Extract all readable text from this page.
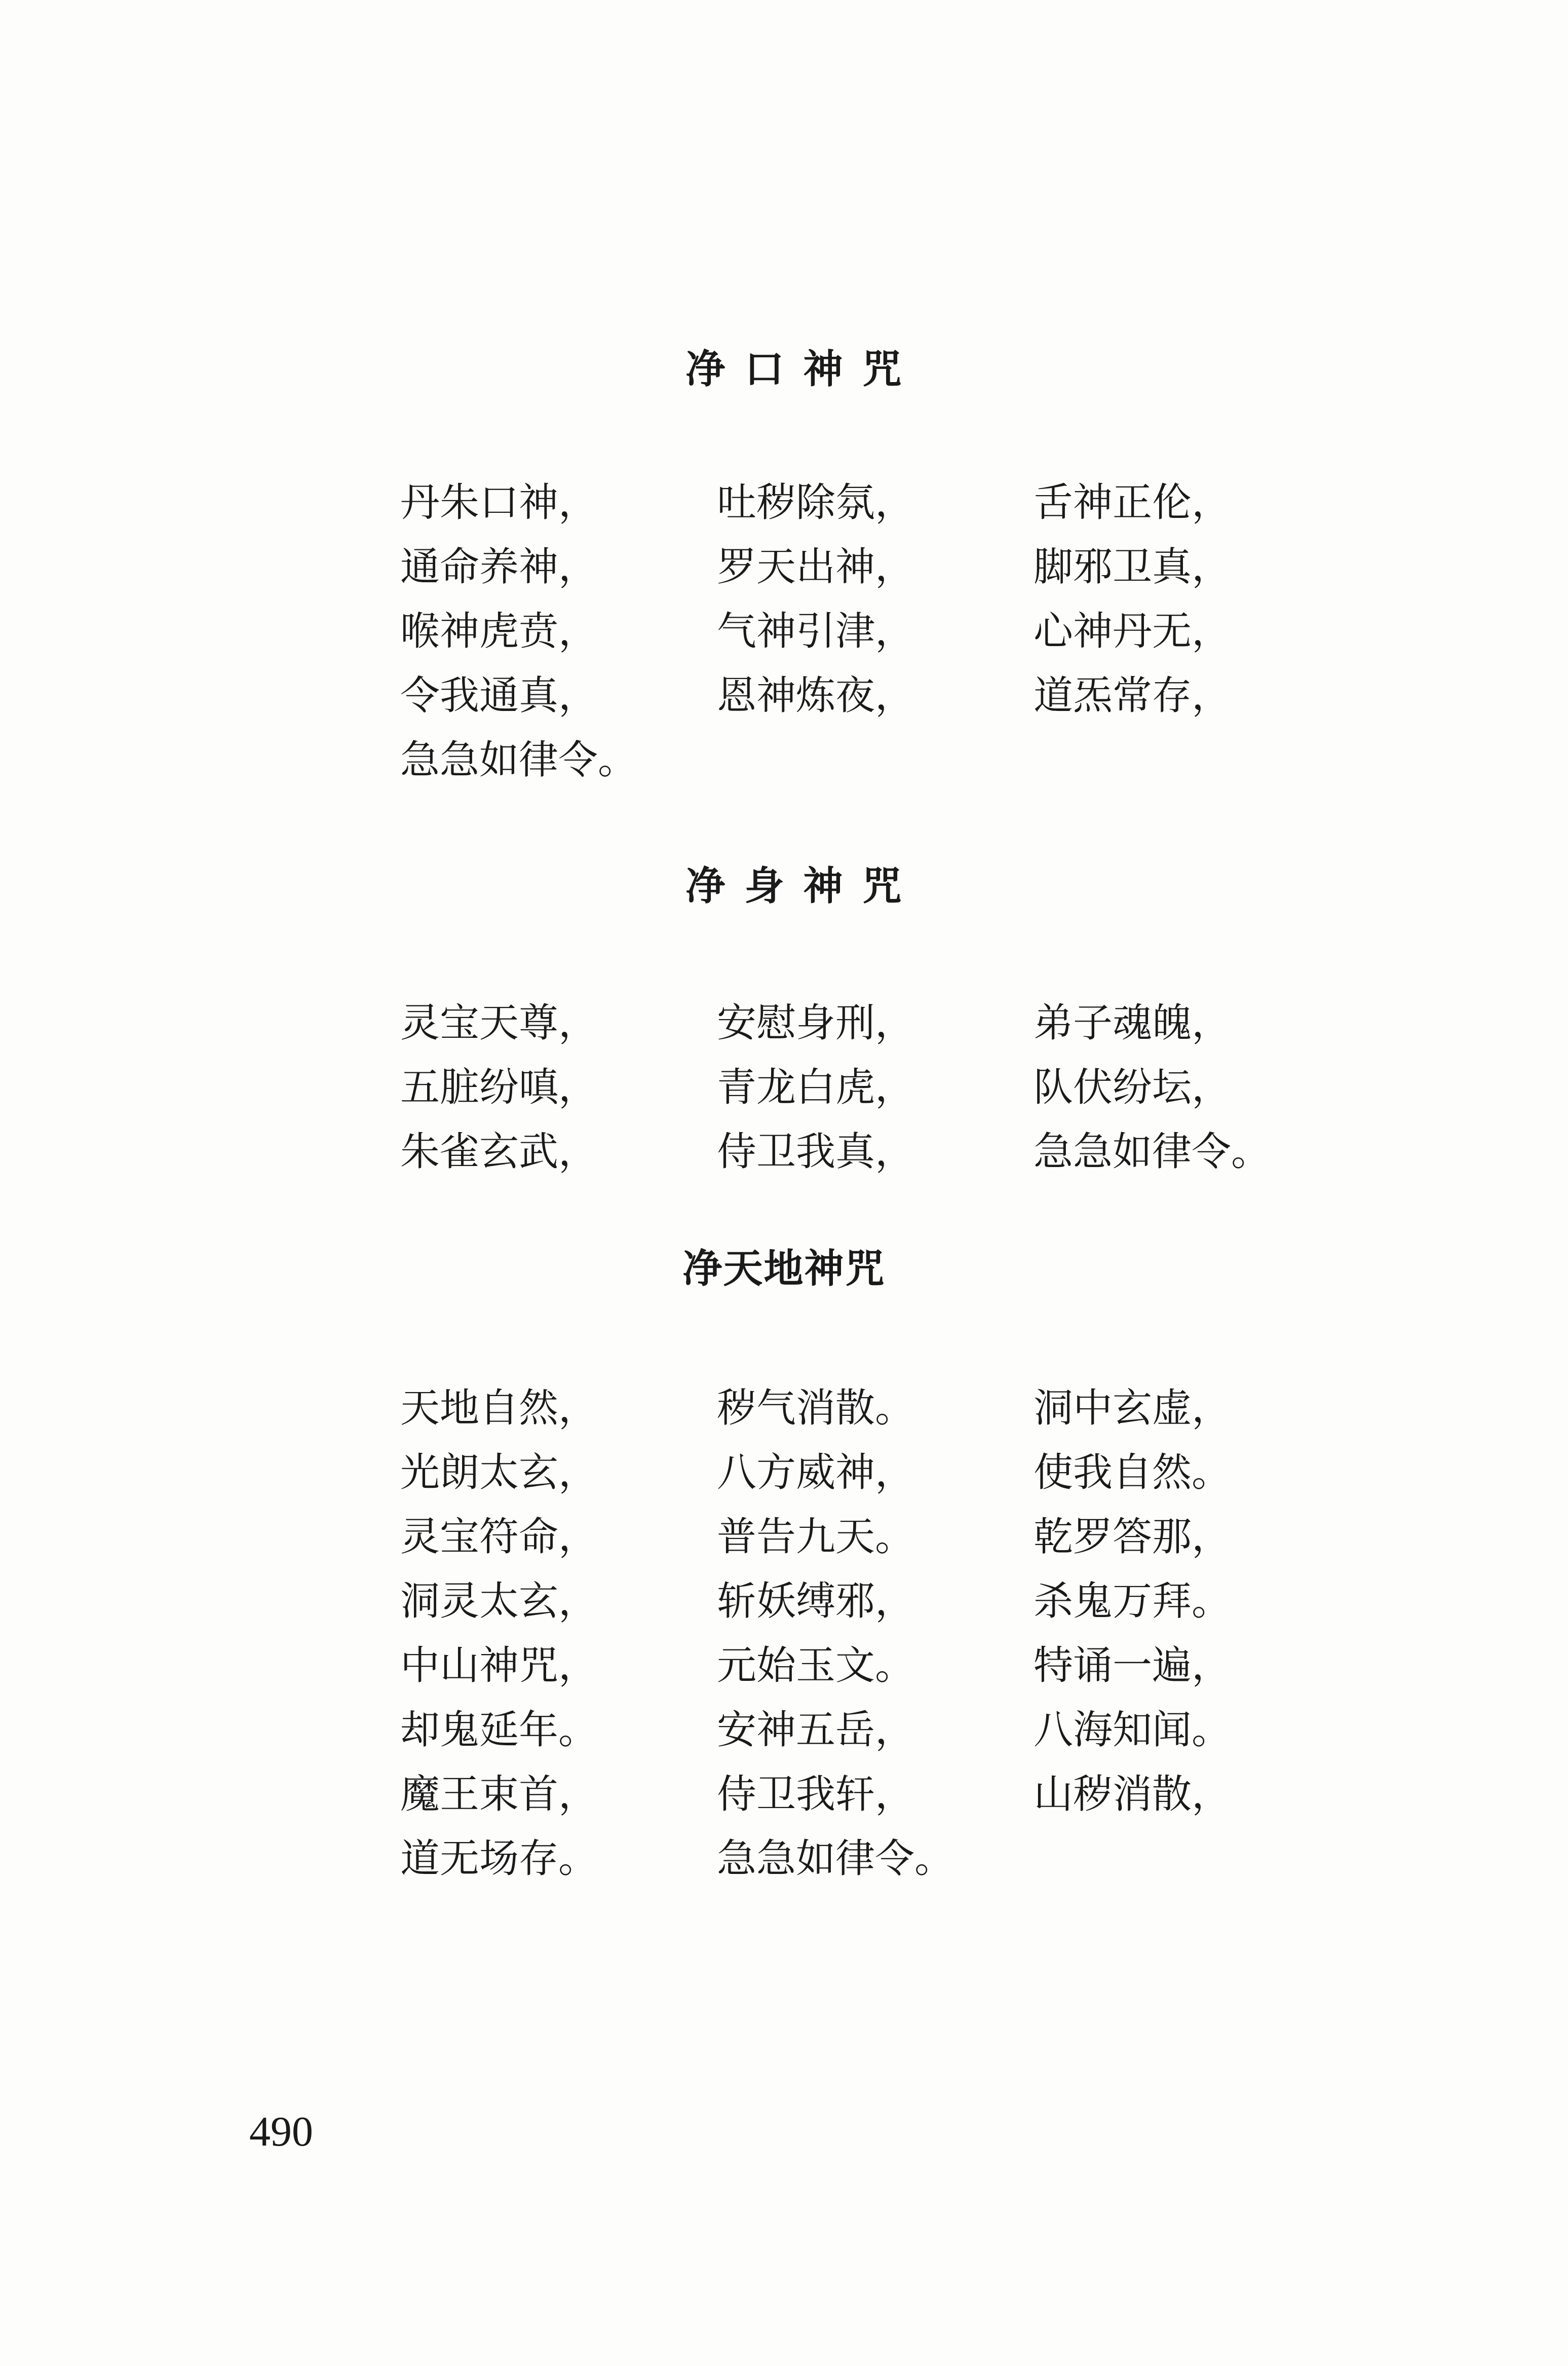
净口神咒
丹朱口神，	吐秽除氛，	舌神正伦，
通命养神，	罗天出神，	脚邪卫真，
喉神虎贲，	气神引津，	心神丹无，
令我通真，	恩神炼夜，	道炁常存，
急急如律令。
净身神咒
灵宝天尊，	安慰身刑，	弟子魂魄，
五脏纷嗔，	青龙白虎，	队伏纷坛，
朱雀玄武，	侍卫我真，	急急如律令。
净天地神咒
天地自然，	秽气消散。	洞中玄虚，
光朗太玄，	八方威神，	使我自然。
灵宝符命，	普告九天。	乾罗答那，
洞灵太玄，	斩妖缚邪，	杀鬼万拜。
中山神咒，	元始玉文。	特诵一遍，
却鬼延年。	安神五岳，	八海知闻。
魔王束首，	侍卫我轩，	山秽消散，
道无场存。	急急如律令。
490
